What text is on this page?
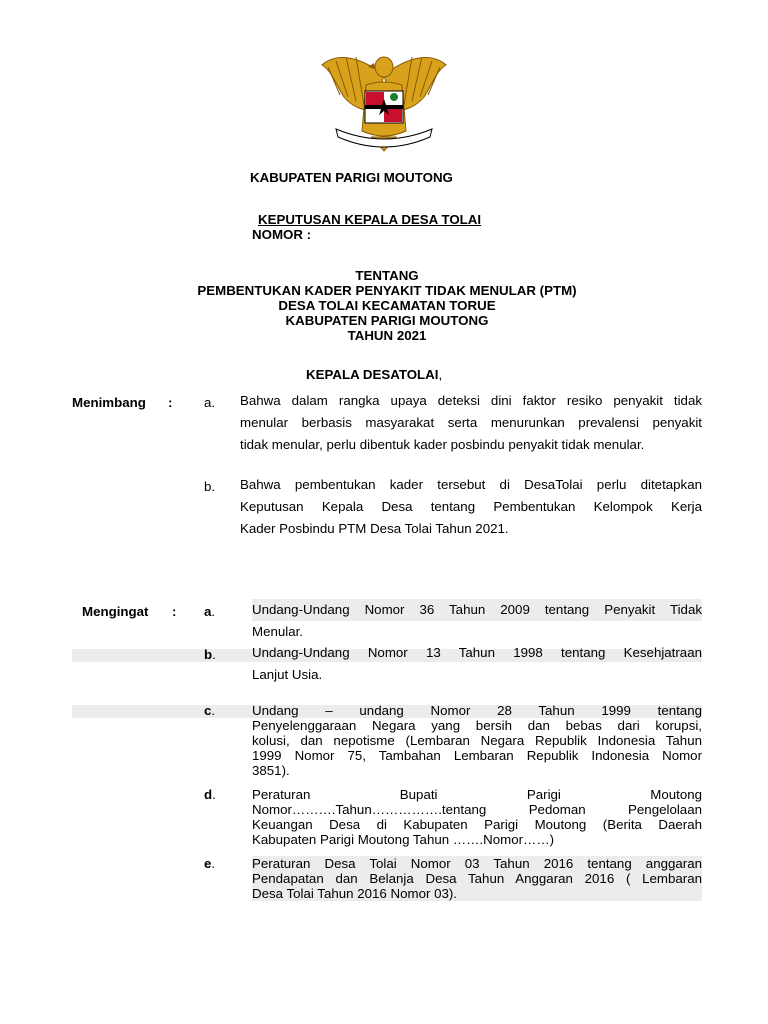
KABUPATEN PARIGI MOUTONG
KEPUTUSAN KEPALA DESA TOLAI
NOMOR :
TENTANG
PEMBENTUKAN KADER PENYAKIT TIDAK MENULAR (PTM)
DESA TOLAI KECAMATAN TORUE
KABUPATEN PARIGI MOUTONG
TAHUN 2021
KEPALA DESATOLAI,
Menimbang : a. Bahwa dalam rangka upaya deteksi dini faktor resiko penyakit tidak
menular berbasis masyarakat serta menurunkan prevalensi penyakit
tidak menular, perlu dibentuk kader posbindu penyakit tidak menular.
b. Bahwa pembentukan kader tersebut di DesaTolai perlu ditetapkan
Keputusan Kepala Desa tentang Pembentukan Kelompok Kerja
Kader Posbindu PTM Desa Tolai Tahun 2021.
Mengingat : a.	Undang-Undang Nomor 36 Tahun 2009 tentang Penyakit Tidak
Menular.
b.	Undang-Undang Nomor 13 Tahun 1998 tentang Kesehjatraan
Lanjut Usia.
c.	Undang – undang Nomor 28 Tahun 1999 tentang
Penyelenggaraan Negara yang bersih dan bebas dari korupsi,
kolusi, dan nepotisme (Lembaran Negara Republik Indonesia Tahun
1999 Nomor 75, Tambahan Lembaran Republik Indonesia Nomor
3851).
d.	Peraturan Bupati Parigi Moutong
Nomor……….Tahun…………….tentang Pedoman Pengelolaan
Keuangan Desa di Kabupaten Parigi Moutong (Berita Daerah
Kabupaten Parigi Moutong Tahun …….Nomor……)
e.	Peraturan Desa Tolai Nomor 03 Tahun 2016 tentang anggaran
Pendapatan dan Belanja Desa Tahun Anggaran 2016 ( Lembaran
Desa Tolai Tahun 2016 Nomor 03).
